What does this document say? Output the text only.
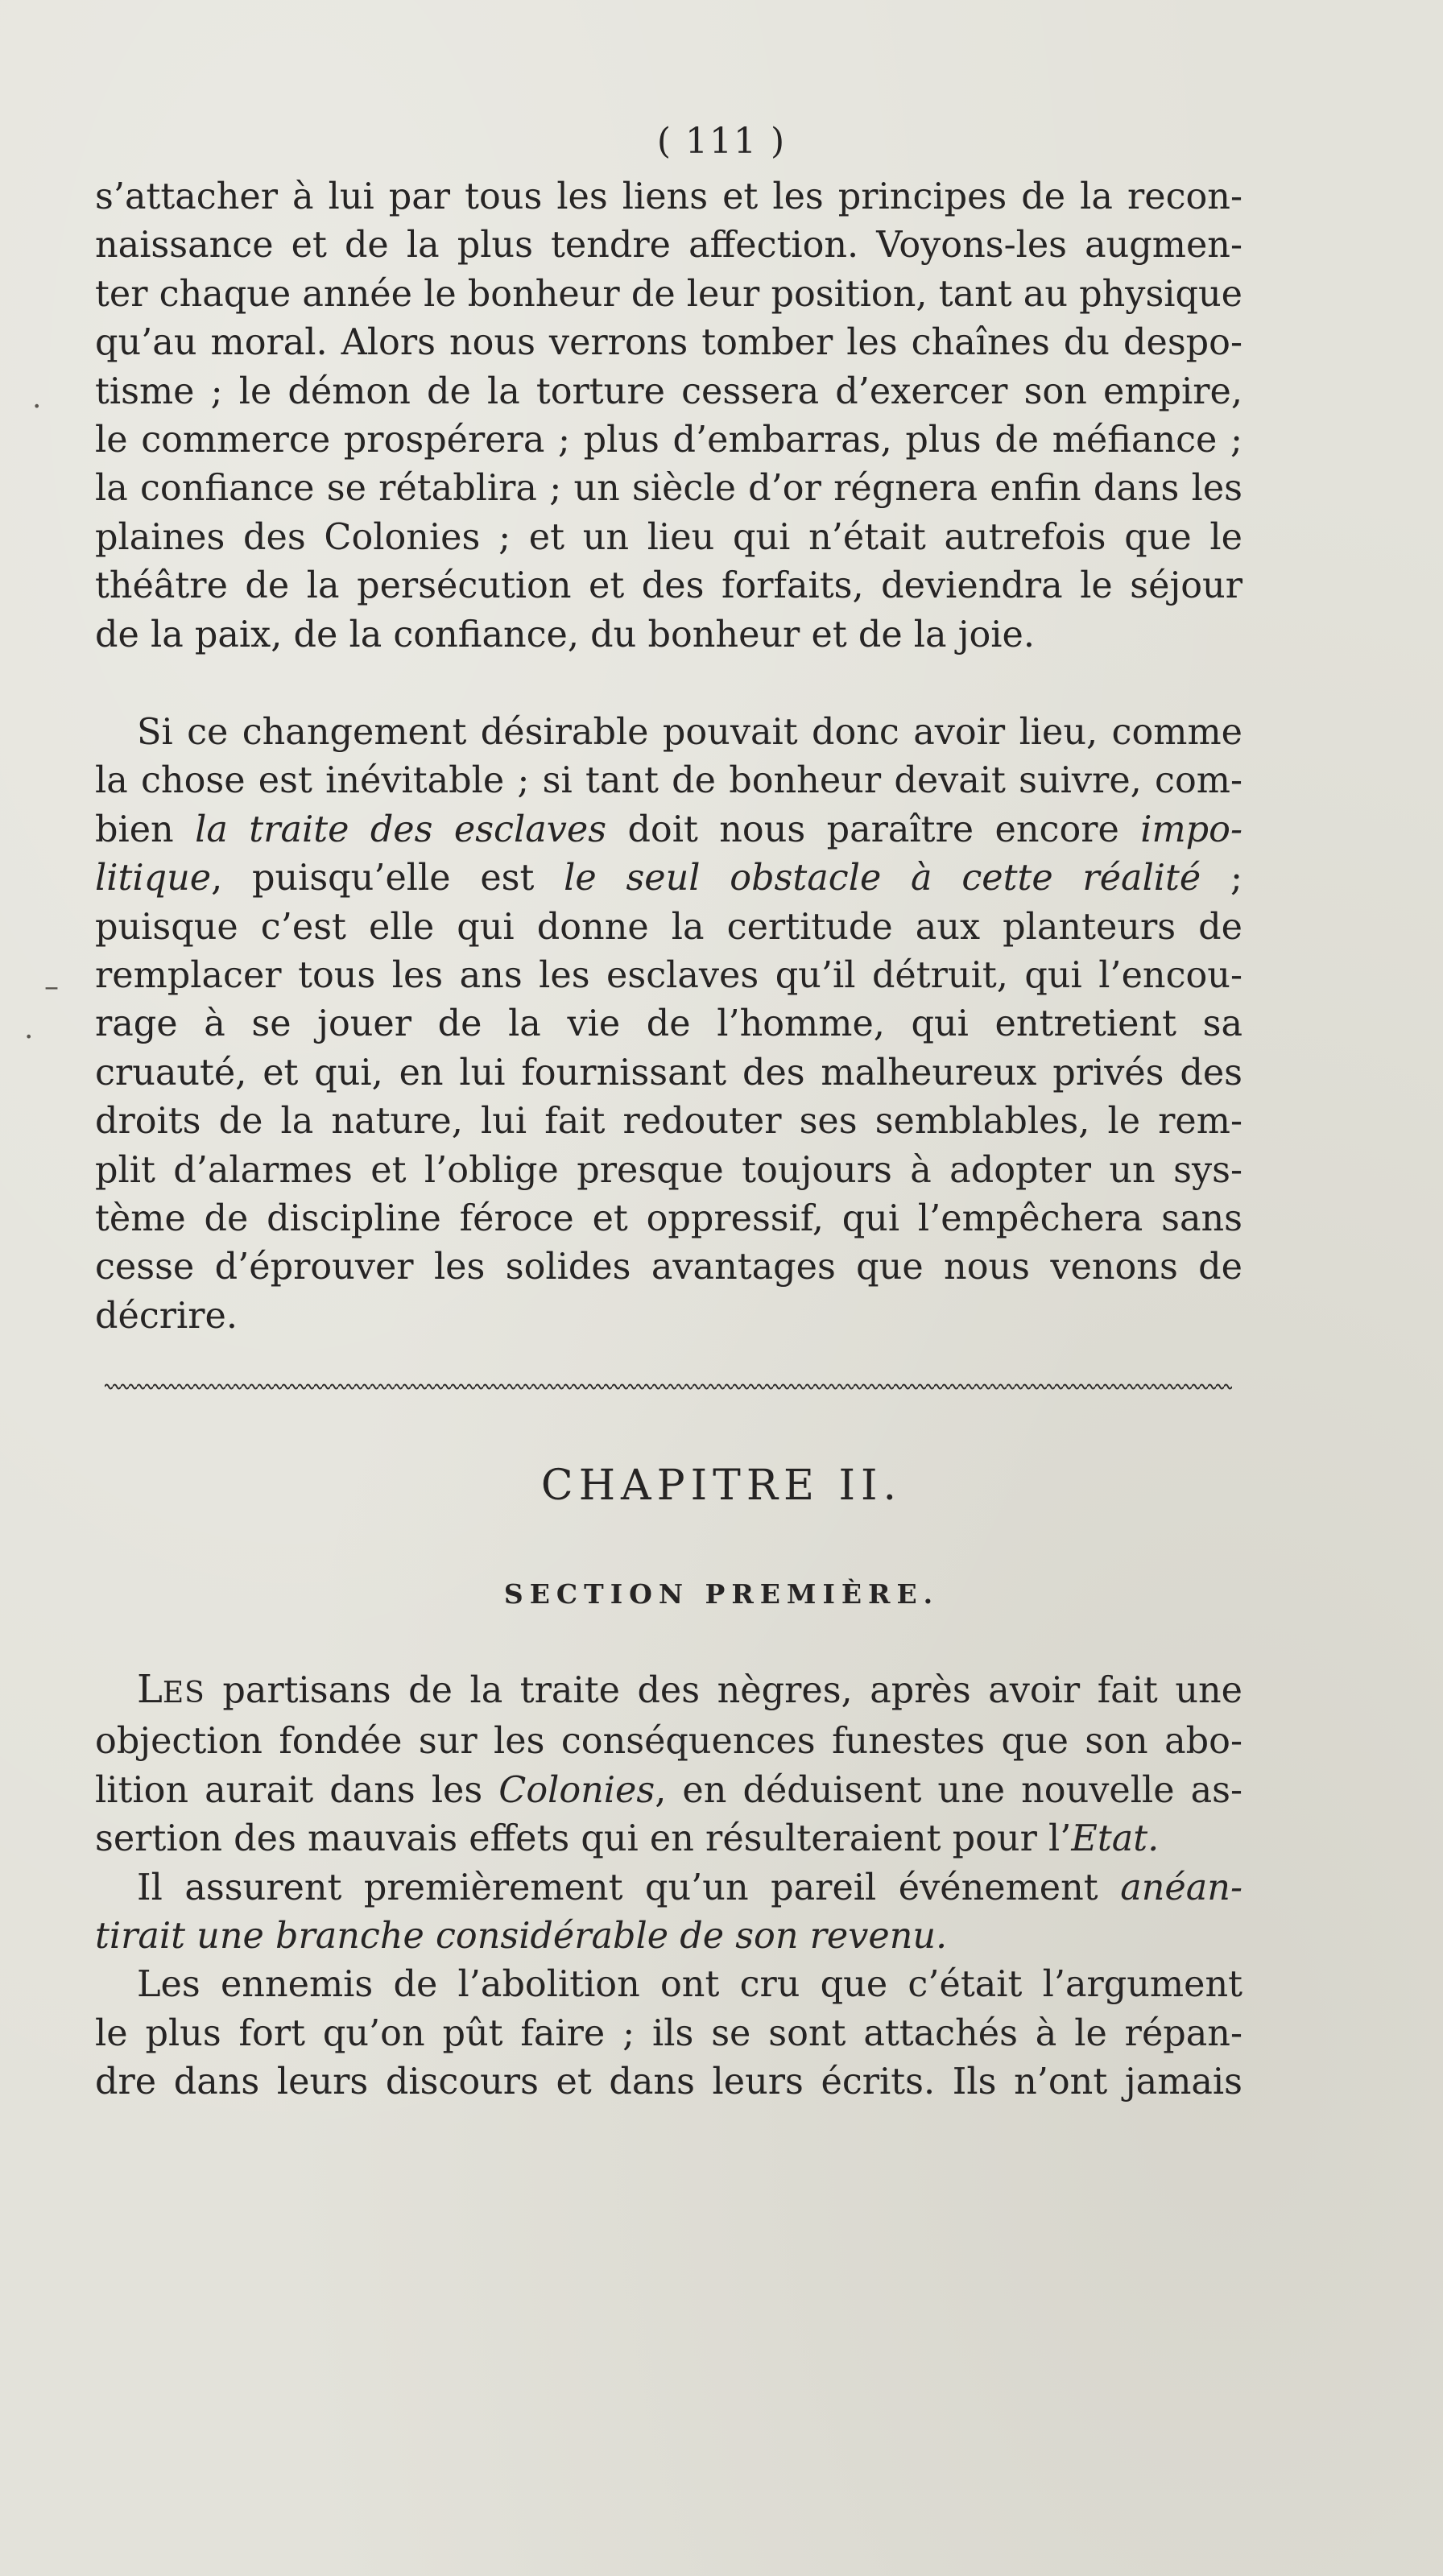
( 111 )
·
–
·
s’attacher à lui par tous les liens et les principes de la recon-
naissance et de la plus tendre affection. Voyons-les augmen-
ter chaque année le bonheur de leur position, tant au physique
qu’au moral. Alors nous verrons tomber les chaînes du despo-
tisme ; le démon de la torture cessera d’exercer son empire,
le commerce prospérera ; plus d’embarras, plus de méfiance ;
la confiance se rétablira ; un siècle d’or régnera enfin dans les
plaines des Colonies ; et un lieu qui n’était autrefois que le
théâtre de la persécution et des forfaits, deviendra le séjour
de la paix, de la confiance, du bonheur et de la joie.
Si ce changement désirable pouvait donc avoir lieu, comme
la chose est inévitable ; si tant de bonheur devait suivre, com-
bien la traite des esclaves doit nous paraître encore impo-
litique, puisqu’elle est le seul obstacle à cette réalité ;
puisque c’est elle qui donne la certitude aux planteurs de
remplacer tous les ans les esclaves qu’il détruit, qui l’encou-
rage à se jouer de la vie de l’homme, qui entretient sa
cruauté, et qui, en lui fournissant des malheureux privés des
droits de la nature, lui fait redouter ses semblables, le rem-
plit d’alarmes et l’oblige presque toujours à adopter un sys-
tème de discipline féroce et oppressif, qui l’empêchera sans
cesse d’éprouver les solides avantages que nous venons de
décrire.
CHAPITRE II.
SECTION PREMIÈRE.
LES partisans de la traite des nègres, après avoir fait une
objection fondée sur les conséquences funestes que son abo-
lition aurait dans les Colonies, en déduisent une nouvelle as-
sertion des mauvais effets qui en résulteraient pour l’Etat.
Il assurent premièrement qu’un pareil événement anéan-
tirait une branche considérable de son revenu.
Les ennemis de l’abolition ont cru que c’était l’argument
le plus fort qu’on pût faire ; ils se sont attachés à le répan-
dre dans leurs discours et dans leurs écrits. Ils n’ont jamais
